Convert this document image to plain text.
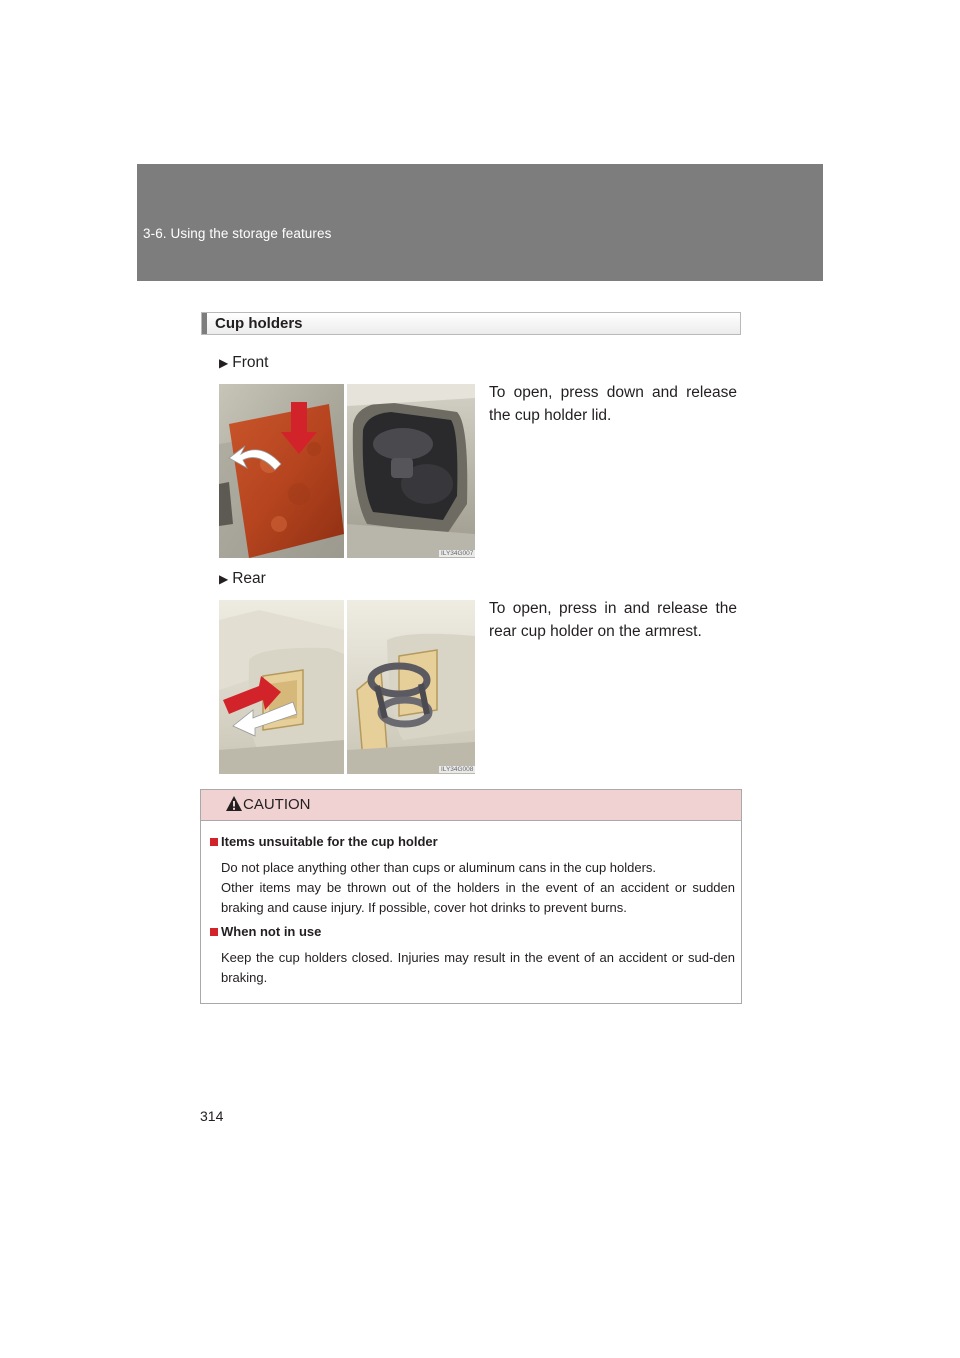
3-6. Using the storage features
Cup holders
▶ Front
To open, press down and release the cup holder lid.
ILY34G007
▶ Rear
To open, press in and release the rear cup holder on the armrest.
ILY34G008
CAUTION
Items unsuitable for the cup holder
Do not place anything other than cups or aluminum cans in the cup holders.
Other items may be thrown out of the holders in the event of an accident or sudden braking and cause injury. If possible, cover hot drinks to prevent burns.
When not in use
Keep the cup holders closed. Injuries may result in the event of an accident or sud-den braking.
314
